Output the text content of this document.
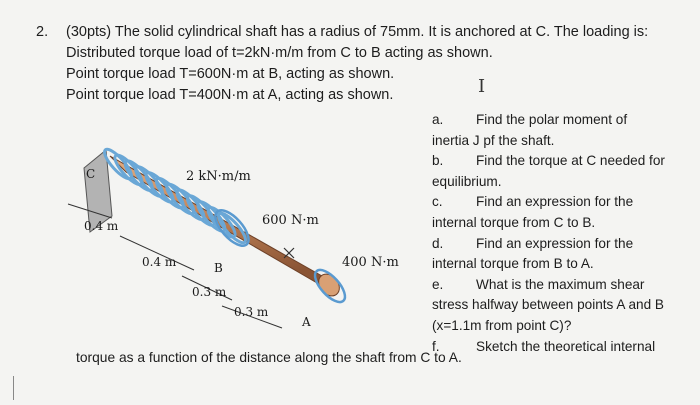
2. (30pts) The solid cylindrical shaft has a radius of 75mm. It is anchored at C. The loading is:
Distributed torque load of t=2kN·m/m from C to B acting as shown.
Point torque load T=600N·m at B, acting as shown.
Point torque load T=400N·m at A, acting as shown.	Ⅰ
C	2 kN·m/m
600 N·m
400 N·m
0.4 m
0.4 m
0.3 m
0.3 m
B
A
a. Find the polar moment of
inertia J pf the shaft.
b. Find the torque at C needed for
equilibrium.
c. Find an expression for the
internal torque from C to B.
d. Find an expression for the
internal torque from B to A.
e. What is the maximum shear
stress halfway between points A and B
(x=1.1m from point C)?
f.	Sketch the theoretical internal
torque as a function of the distance along the shaft from C to A.
